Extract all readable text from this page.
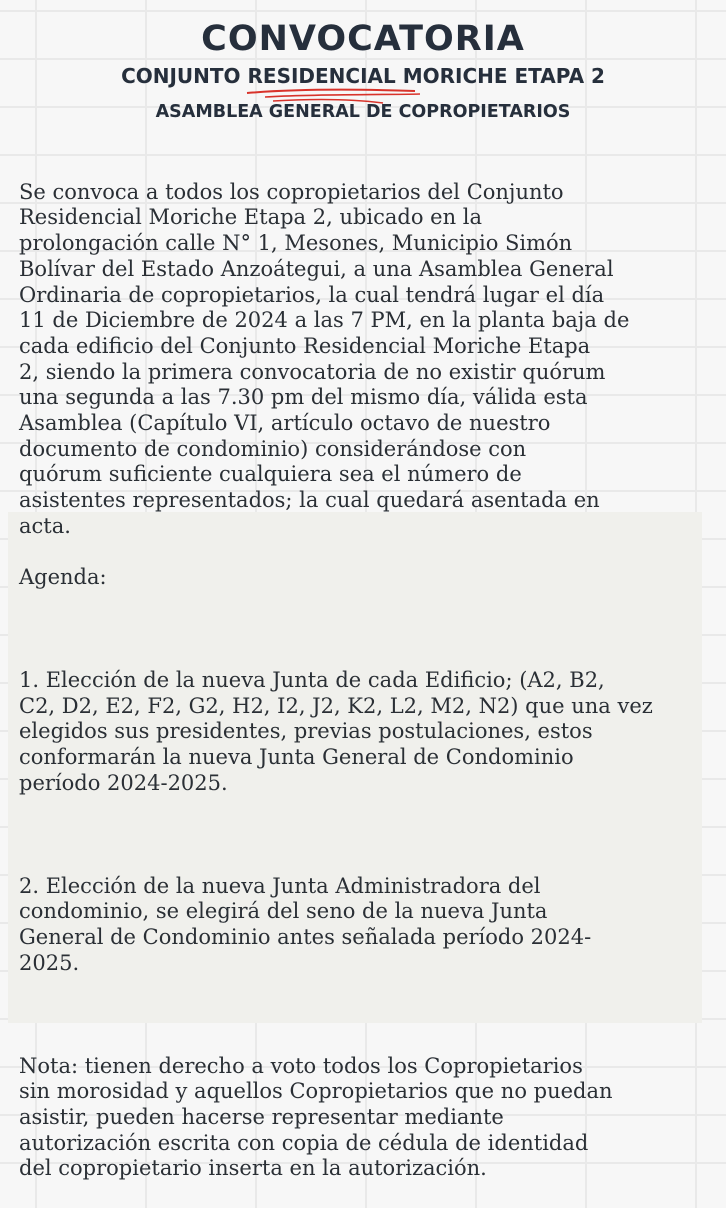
CONVOCATORIA
CONJUNTO RESIDENCIAL MORICHE ETAPA 2
ASAMBLEA GENERAL DE COPROPIETARIOS

Se convoca a todos los copropietarios del Conjunto
Residencial Moriche Etapa 2, ubicado en la
prolongación calle N° 1, Mesones, Municipio Simón
Bolívar del Estado Anzoátegui, a una Asamblea General
Ordinaria de copropietarios, la cual tendrá lugar el día
11 de Diciembre de 2024 a las 7 PM, en la planta baja de
cada edificio del Conjunto Residencial Moriche Etapa
2, siendo la primera convocatoria de no existir quórum
una segunda a las 7.30 pm del mismo día, válida esta
Asamblea (Capítulo VI, artículo octavo de nuestro
documento de condominio) considerándose con
quórum suficiente cualquiera sea el número de
asistentes representados; la cual quedará asentada en
acta.

Agenda:

1. Elección de la nueva Junta de cada Edificio; (A2, B2,
C2, D2, E2, F2, G2, H2, I2, J2, K2, L2, M2, N2) que una vez
elegidos sus presidentes, previas postulaciones, estos
conformarán la nueva Junta General de Condominio
período 2024-2025.

2. Elección de la nueva Junta Administradora del
condominio, se elegirá del seno de la nueva Junta
General de Condominio antes señalada período 2024-
2025.

Nota: tienen derecho a voto todos los Copropietarios
sin morosidad y aquellos Copropietarios que no puedan
asistir, pueden hacerse representar mediante
autorización escrita con copia de cédula de identidad
del copropietario inserta en la autorización.
